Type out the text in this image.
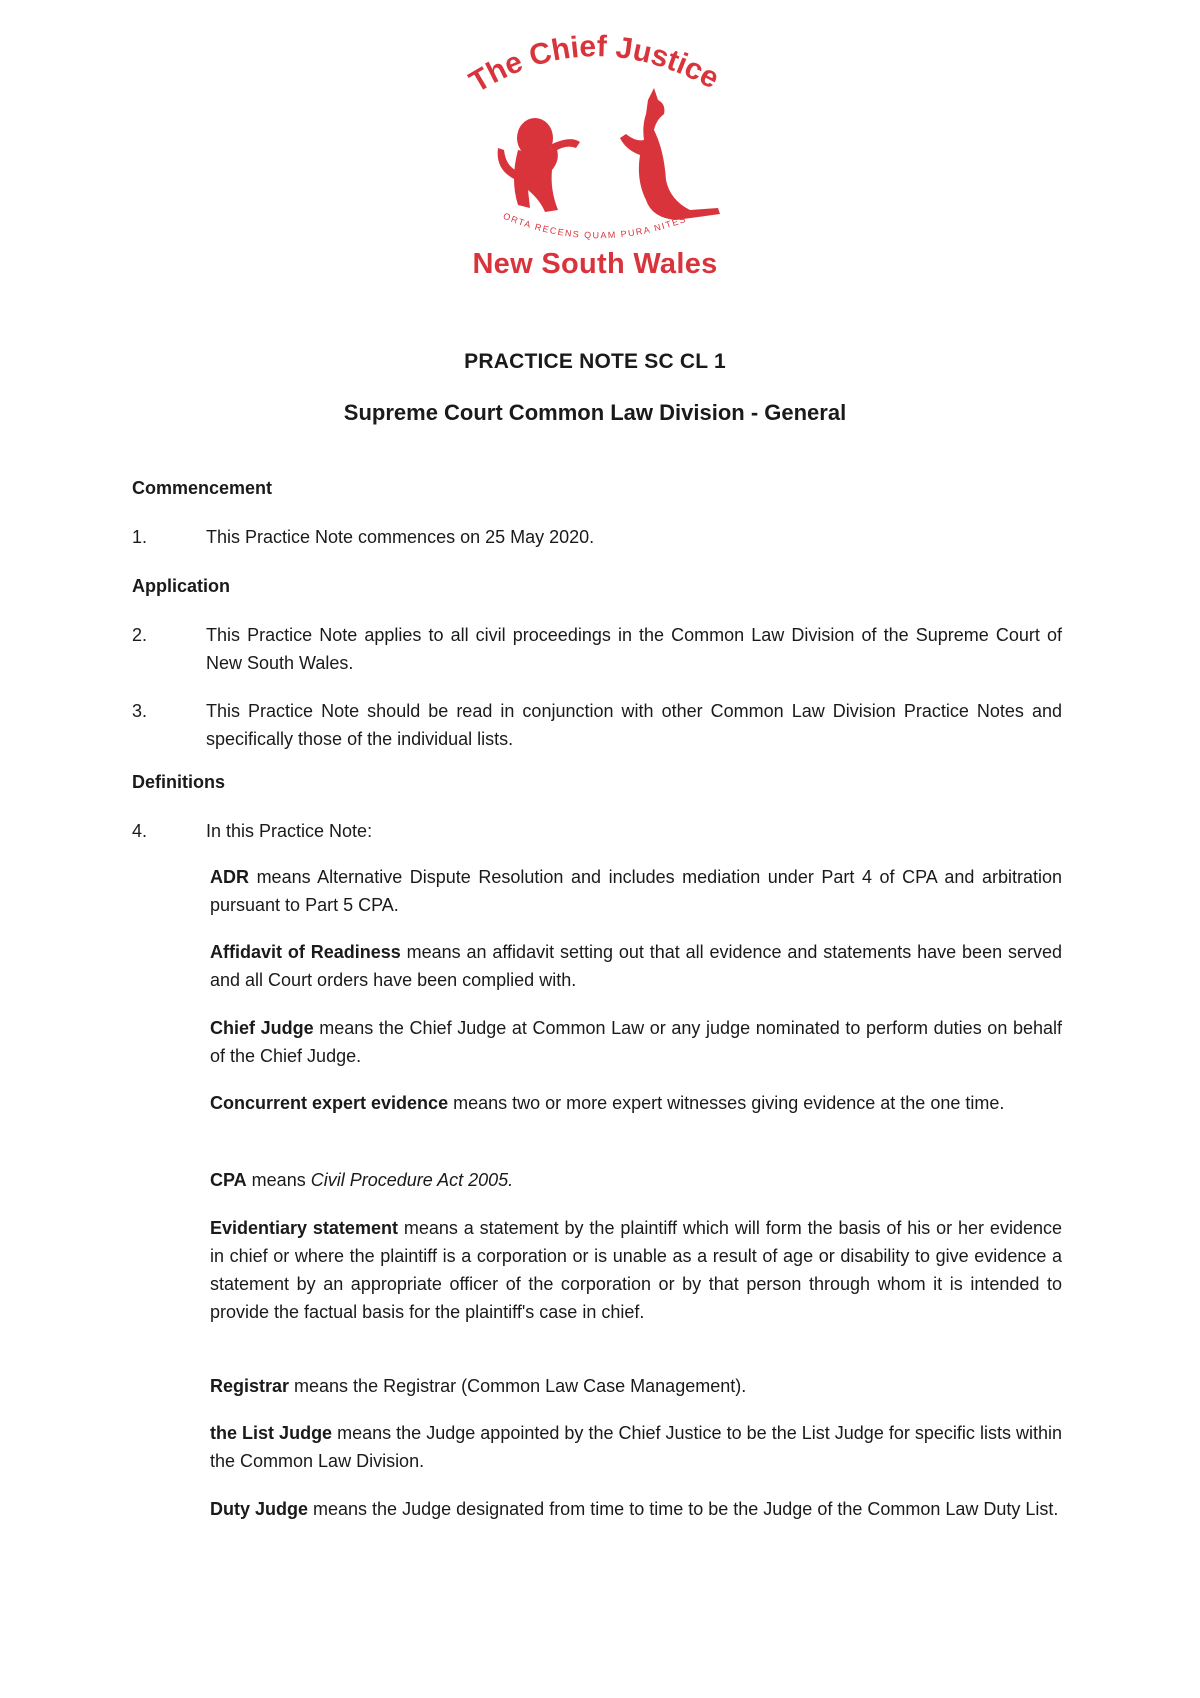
The Chief Justice
ORTA RECENS QUAM PURA NITES
New South Wales
PRACTICE NOTE SC CL 1
Supreme Court Common Law Division - General
Commencement
1.	This Practice Note commences on 25 May 2020.
Application
2.	This Practice Note applies to all civil proceedings in the Common Law Division of the Supreme Court of New South Wales.
3.	This Practice Note should be read in conjunction with other Common Law Division Practice Notes and specifically those of the individual lists.
Definitions
4.	In this Practice Note:
ADR means Alternative Dispute Resolution and includes mediation under Part 4 of CPA and arbitration pursuant to Part 5 CPA.
Affidavit of Readiness means an affidavit setting out that all evidence and statements have been served and all Court orders have been complied with.
Chief Judge means the Chief Judge at Common Law or any judge nominated to perform duties on behalf of the Chief Judge.
Concurrent expert evidence means two or more expert witnesses giving evidence at the one time.
CPA means Civil Procedure Act 2005.
Evidentiary statement means a statement by the plaintiff which will form the basis of his or her evidence in chief or where the plaintiff is a corporation or is unable as a result of age or disability to give evidence a statement by an appropriate officer of the corporation or by that person through whom it is intended to provide the factual basis for the plaintiff's case in chief.
Registrar means the Registrar (Common Law Case Management).
the List Judge means the Judge appointed by the Chief Justice to be the List Judge for specific lists within the Common Law Division.
Duty Judge means the Judge designated from time to time to be the Judge of the Common Law Duty List.
